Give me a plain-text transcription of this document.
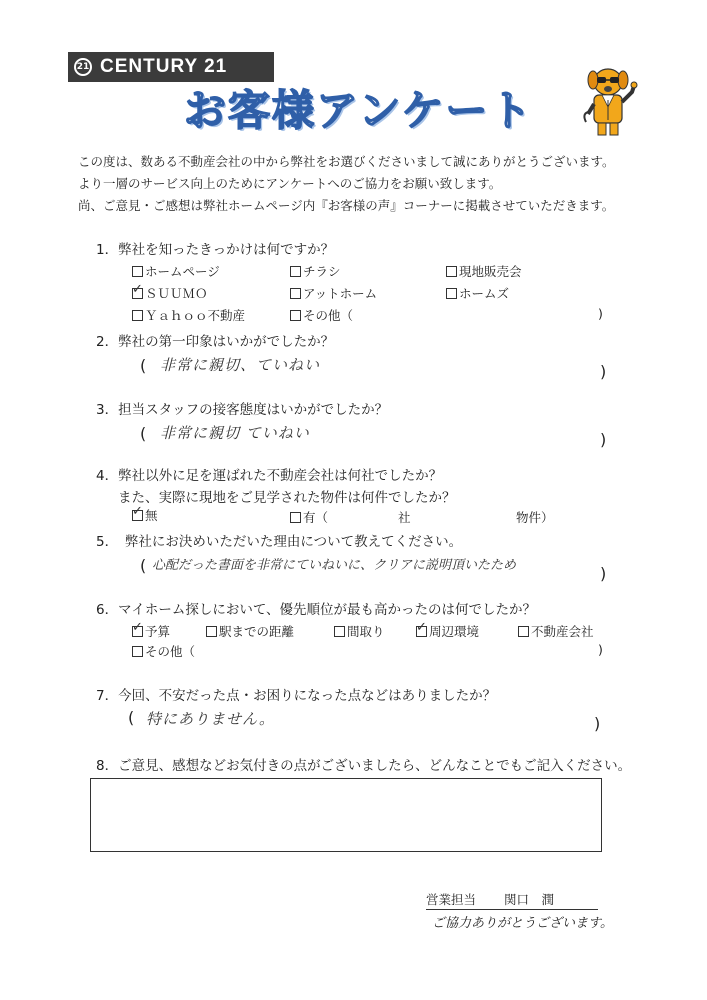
21 CENTURY 21
お客様アンケート
この度は、数ある不動産会社の中から弊社をお選びくださいまして誠にありがとうございます。
より一層のサービス向上のためにアンケートへのご協力をお願い致します。
尚、ご意見・ご感想は弊社ホームページ内『お客様の声』コーナーに掲載させていただきます。
1．弊社を知ったきっかけは何ですか？
ホームページ	チラシ	現地販売会
✓ ＳＵＵＭＯ	アットホーム	ホームズ
Ｙａｈｏｏ不動産	その他（	)
2．弊社の第一印象はいかがでしたか？
( 非常に親切、ていねい	)
3．担当スタッフの接客態度はいかがでしたか？
( 非常に親切 ていねい	)
4．弊社以外に足を運ばれた不動産会社は何社でしたか？
また、実際に現地をご見学された物件は何件でしたか？
✓ 無	有（	社	物件）
5．　弊社にお決めいただいた理由について教えてください。
( 心配だった書面を非常にていねいに、クリアに説明頂いたため	)
6．マイホーム探しにおいて、優先順位が最も高かったのは何でしたか？
✓ 予算	駅までの距離	間取り ✓ 周辺環境	不動産会社
その他（	)
7．今回、不安だった点・お困りになった点などはありましたか？
( 特にありません。	)
8．ご意見、感想などお気付きの点がございましたら、どんなことでもご記入ください。
営業担当 関口　潤
ご協力ありがとうございます。
